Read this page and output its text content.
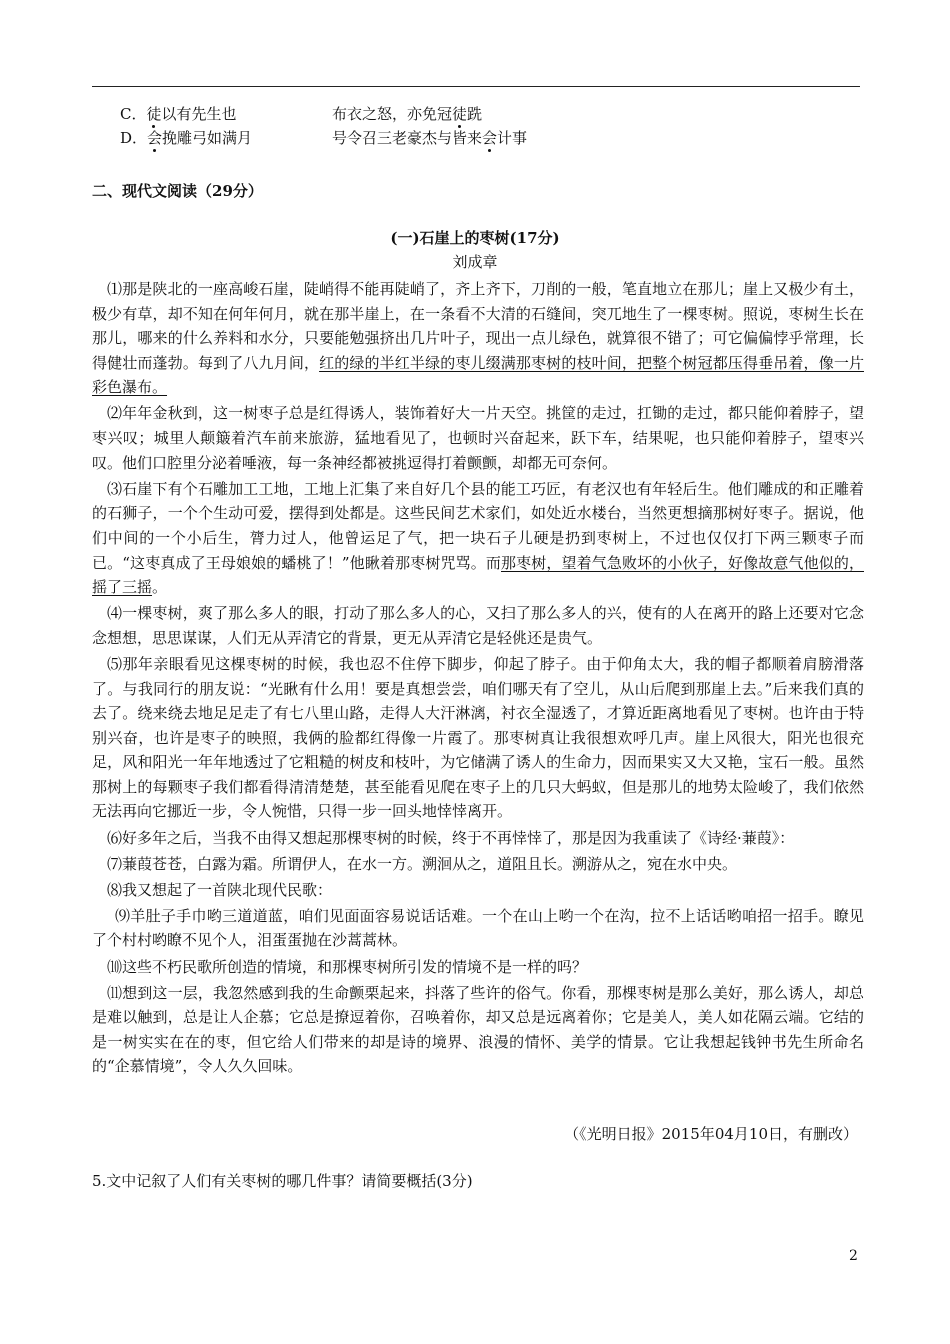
C．徒以有先生也	布衣之怒，亦免冠徒跣
D．会挽雕弓如满月	号令召三老豪杰与皆来会计事
二、现代文阅读（29分）
(一)石崖上的枣树(17分)
刘成章

⑴那是陕北的一座高峻石崖，陡峭得不能再陡峭了，齐上齐下，刀削的一般，笔直地立在那儿；崖上又极少有土，极少有草，却不知在何年何月，就在那半崖上，在一条看不大清的石缝间，突兀地生了一棵枣树。照说，枣树生长在那儿，哪来的什么养料和水分，只要能勉强挤出几片叶子，现出一点儿绿色，就算很不错了；可它偏偏悖乎常理，长得健壮而蓬勃。每到了八九月间，红的绿的半红半绿的枣儿缀满那枣树的枝叶间，把整个树冠都压得垂吊着，像一片彩色瀑布。

⑵年年金秋到，这一树枣子总是红得诱人，装饰着好大一片天空。挑筐的走过，扛锄的走过，都只能仰着脖子，望枣兴叹；城里人颠簸着汽车前来旅游，猛地看见了，也顿时兴奋起来，跃下车，结果呢，也只能仰着脖子，望枣兴叹。他们口腔里分泌着唾液，每一条神经都被挑逗得打着颤颤，却都无可奈何。

⑶石崖下有个石雕加工工地，工地上汇集了来自好几个县的能工巧匠，有老汉也有年轻后生。他们雕成的和正雕着的石狮子，一个个生动可爱，摆得到处都是。这些民间艺术家们，如处近水楼台，当然更想摘那树好枣子。据说，他们中间的一个小后生，膂力过人，他曾运足了气，把一块石子儿硬是扔到枣树上，不过也仅仅打下两三颗枣子而已。“这枣真成了王母娘娘的蟠桃了！”他瞅着那枣树咒骂。而那枣树，望着气急败坏的小伙子，好像故意气他似的，摇了三摇。

⑷一棵枣树，爽了那么多人的眼，打动了那么多人的心，又扫了那么多人的兴，使有的人在离开的路上还要对它念念想想，思思谋谋，人们无从弄清它的背景，更无从弄清它是轻佻还是贵气。

⑸那年亲眼看见这棵枣树的时候，我也忍不住停下脚步，仰起了脖子。由于仰角太大，我的帽子都顺着肩膀滑落了。与我同行的朋友说：“光瞅有什么用！要是真想尝尝，咱们哪天有了空儿，从山后爬到那崖上去。”后来我们真的去了。绕来绕去地足足走了有七八里山路，走得人大汗淋漓，衬衣全湿透了，才算近距离地看见了枣树。也许由于特别兴奋，也许是枣子的映照，我俩的脸都红得像一片霞了。那枣树真让我很想欢呼几声。崖上风很大，阳光也很充足，风和阳光一年年地透过了它粗糙的树皮和枝叶，为它储满了诱人的生命力，因而果实又大又艳，宝石一般。虽然那树上的每颗枣子我们都看得清清楚楚，甚至能看见爬在枣子上的几只大蚂蚁，但是那儿的地势太险峻了，我们依然无法再向它挪近一步，令人惋惜，只得一步一回头地悻悻离开。

⑹好多年之后，当我不由得又想起那棵枣树的时候，终于不再悻悻了，那是因为我重读了《诗经·蒹葭》：

⑺蒹葭苍苍，白露为霜。所谓伊人，在水一方。溯洄从之，道阻且长。溯游从之，宛在水中央。

⑻我又想起了一首陕北现代民歌：

⑼羊肚子手巾哟三道道蓝，咱们见面面容易说话话难。一个在山上哟一个在沟，拉不上话话哟咱招一招手。瞭见了个村村哟瞭不见个人，泪蛋蛋抛在沙蒿蒿林。

⑽这些不朽民歌所创造的情境，和那棵枣树所引发的情境不是一样的吗？

⑾想到这一层，我忽然感到我的生命颤栗起来，抖落了些许的俗气。你看，那棵枣树是那么美好，那么诱人，却总是难以触到，总是让人企慕；它总是撩逗着你，召唤着你，却又总是远离着你；它是美人，美人如花隔云端。它结的是一树实实在在的枣，但它给人们带来的却是诗的境界、浪漫的情怀、美学的情景。它让我想起钱钟书先生所命名的“企慕情境”，令人久久回味。

（《光明日报》2015年04月10日，有删改）
5.文中记叙了人们有关枣树的哪几件事？请简要概括(3分)
2
